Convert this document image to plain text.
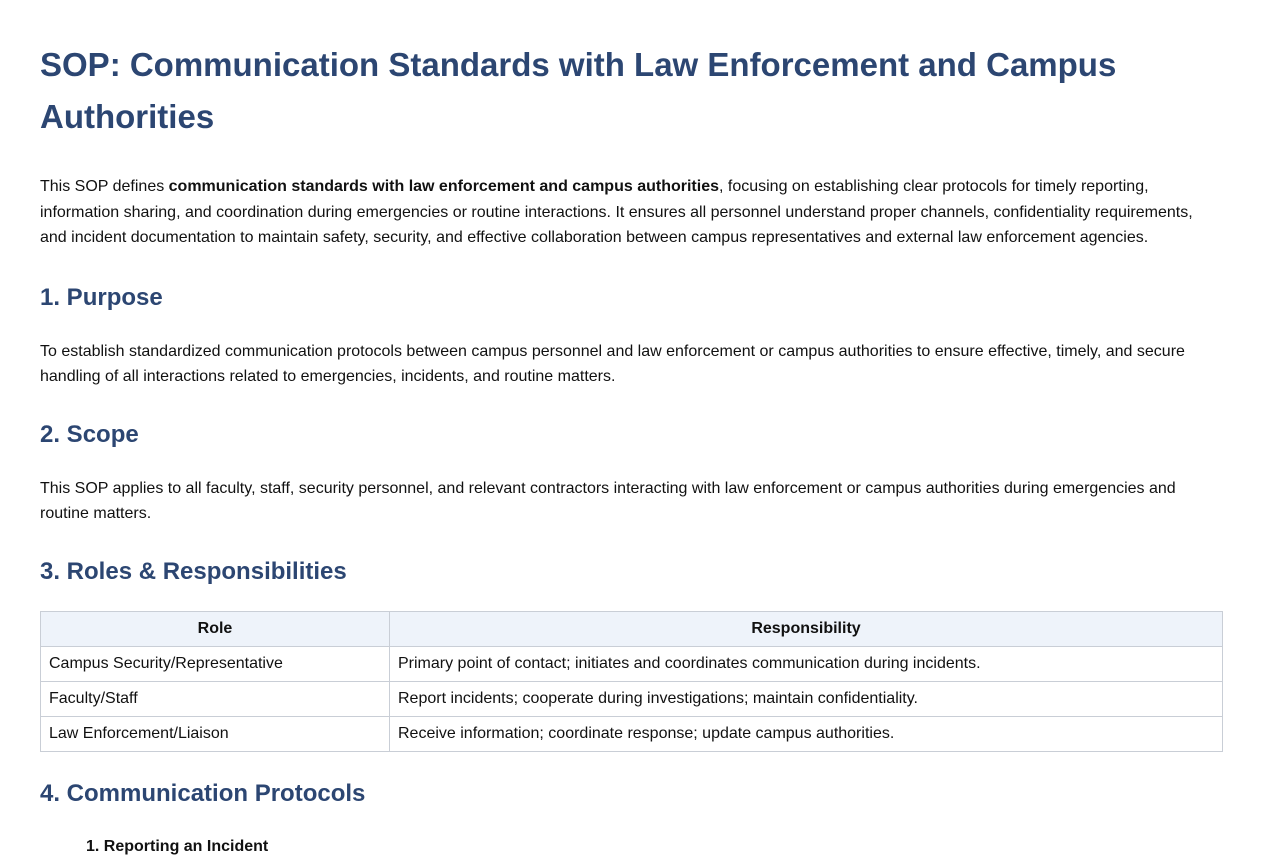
SOP: Communication Standards with Law Enforcement and Campus Authorities

This SOP defines communication standards with law enforcement and campus authorities, focusing on establishing clear protocols for timely reporting, information sharing, and coordination during emergencies or routine interactions. It ensures all personnel understand proper channels, confidentiality requirements, and incident documentation to maintain safety, security, and effective collaboration between campus representatives and external law enforcement agencies.

1. Purpose

To establish standardized communication protocols between campus personnel and law enforcement or campus authorities to ensure effective, timely, and secure handling of all interactions related to emergencies, incidents, and routine matters.

2. Scope

This SOP applies to all faculty, staff, security personnel, and relevant contractors interacting with law enforcement or campus authorities during emergencies and routine matters.

3. Roles & Responsibilities
Role	Responsibility
Campus Security/Representative	Primary point of contact; initiates and coordinates communication during incidents.
Faculty/Staff	Report incidents; cooperate during investigations; maintain confidentiality.
Law Enforcement/Liaison	Receive information; coordinate response; update campus authorities.
4. Communication Protocols
1. Reporting an Incident
